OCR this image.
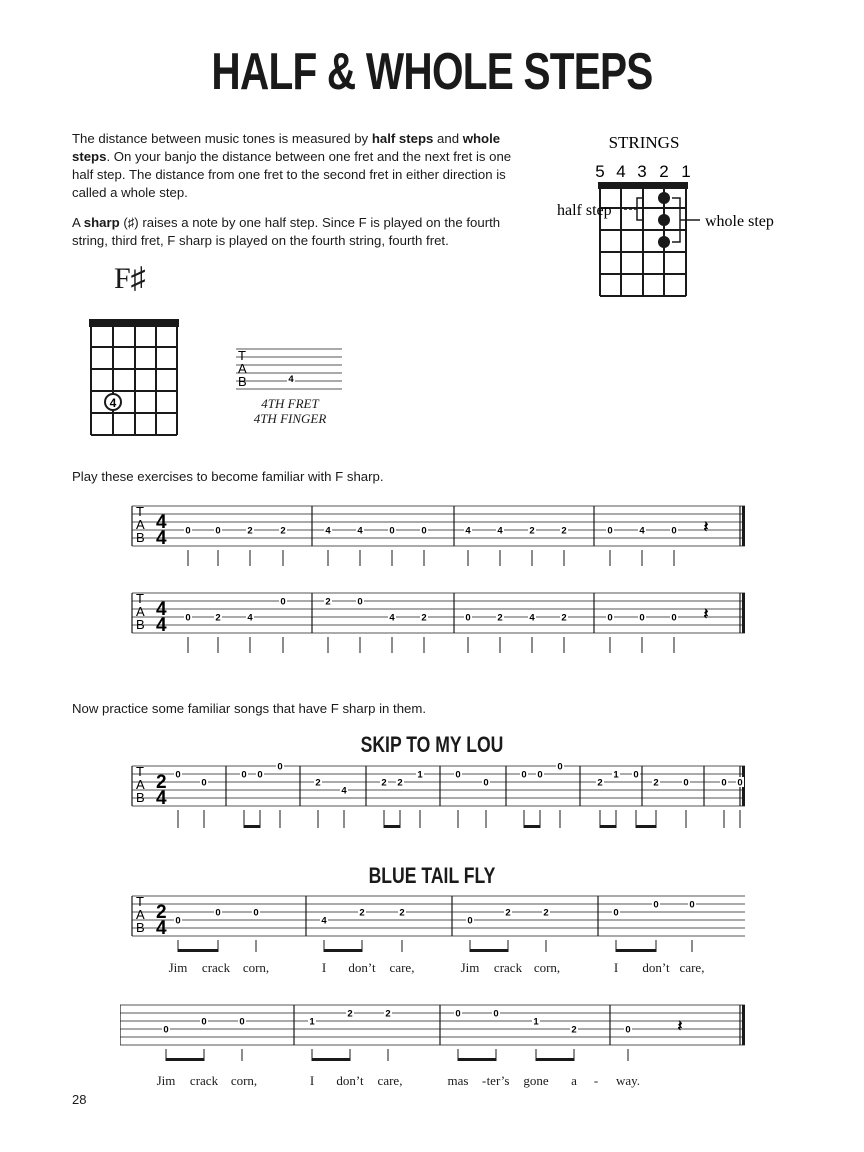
HALF & WHOLE STEPS
The distance between music tones is measured by half steps and whole steps. On your banjo the distance between one fret and the next fret is one half step. The distance from one fret to the second fret in either direction is called a whole step.
A sharp (♯) raises a note by one half step. Since F is played on the fourth string, third fret, F sharp is played on the fourth string, fourth fret.
STRINGS
5 4 3 2 1
half step
whole step
F♯
4
T
A
B	4
4TH FRET
4TH FINGER
Play these exercises to become familiar with F sharp.
T
A
B
4
4 0	0	2	2	4	4	0	0	4	4	2	2	0	4	0 𝄽
T
A
B
4
4 0	2	4
0	2	0
4	2	0	2	4	2	0	0	0 𝄽
Now practice some familiar songs that have F sharp in them.
SKIP TO MY LOU
T
A
B
2
4
0
0
0 0
0
2
4
2 2
1	0
0
0 0
0
2
1 0
2	0	0 0
BLUE TAIL FLY
T
A
B
2
4 0
0	0
4
2	2
0
2	2	0
0	0
Jim crack corn,	I don’t care,	Jim crack corn,	I don’t care,
0
0	0	1
2	2	0	0
1
2	0	𝄽
Jim crack corn,	I don’t care,	mas - ter’s gone a - way.
28
